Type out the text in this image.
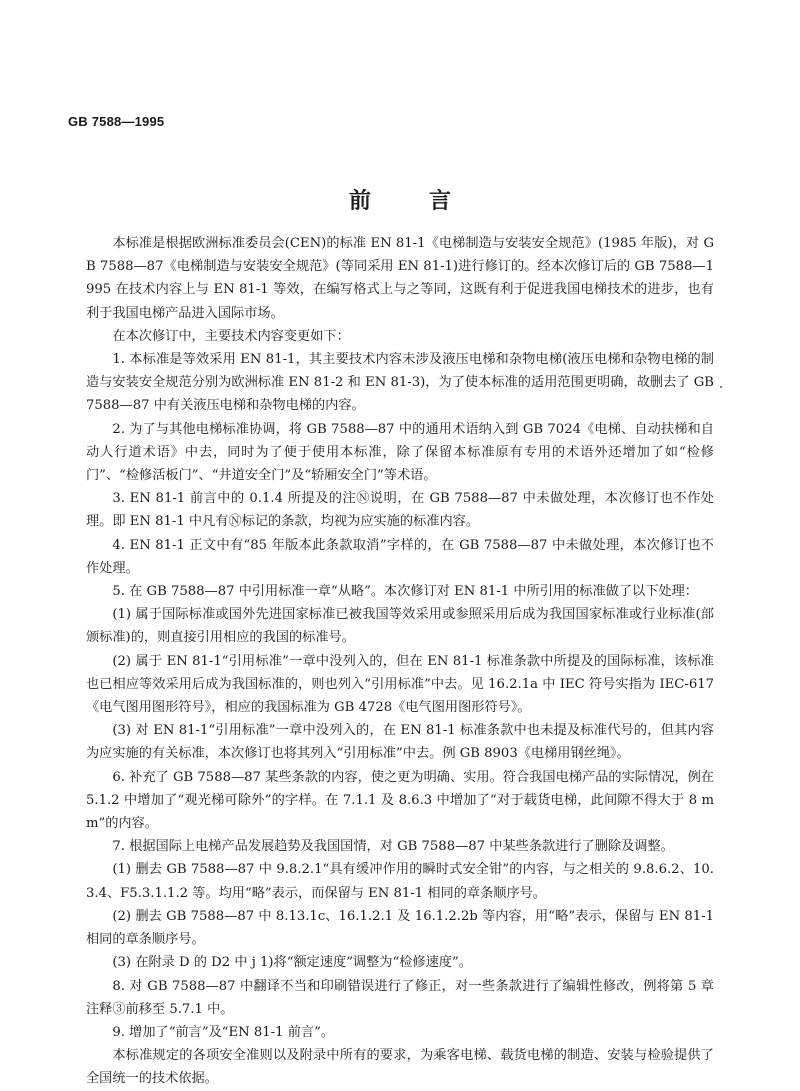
GB 7588—1995
前言

本标准是根据欧洲标准委员会(CEN)的标准 EN 81-1《电梯制造与安装安全规范》(1985 年版)，对 GB 7588—87《电梯制造与安装安全规范》(等同采用 EN 81-1)进行修订的。经本次修订后的 GB 7588—1995 在技术内容上与 EN 81-1 等效，在编写格式上与之等同，这既有利于促进我国电梯技术的进步，也有利于我国电梯产品进入国际市场。

在本次修订中，主要技术内容变更如下：

1. 本标准是等效采用 EN 81-1，其主要技术内容未涉及液压电梯和杂物电梯(液压电梯和杂物电梯的制造与安装安全规范分别为欧洲标准 EN 81-2 和 EN 81-3)，为了使本标准的适用范围更明确，故删去了 GB 7588—87 中有关液压电梯和杂物电梯的内容。

2. 为了与其他电梯标准协调，将 GB 7588—87 中的通用术语纳入到 GB 7024《电梯、自动扶梯和自动人行道术语》中去，同时为了便于使用本标准，除了保留本标准原有专用的术语外还增加了如“检修门”、“检修活板门”、“井道安全门”及“轿厢安全门”等术语。

3. EN 81-1 前言中的 0.1.4 所提及的注Ⓝ说明，在 GB 7588—87 中未做处理，本次修订也不作处理。即 EN 81-1 中凡有Ⓝ标记的条款，均视为应实施的标准内容。

4. EN 81-1 正文中有“85 年版本此条款取消”字样的，在 GB 7588—87 中未做处理，本次修订也不作处理。

5. 在 GB 7588—87 中引用标准一章“从略”。本次修订对 EN 81-1 中所引用的标准做了以下处理：

(1) 属于国际标准或国外先进国家标准已被我国等效采用或参照采用后成为我国国家标准或行业标准(部颁标准)的，则直接引用相应的我国的标准号。

(2) 属于 EN 81-1“引用标准”一章中没列入的，但在 EN 81-1 标准条款中所提及的国际标准，该标准也已相应等效采用后成为我国标准的，则也列入“引用标准”中去。见 16.2.1a 中 IEC 符号实指为 IEC-617《电气图用图形符号》，相应的我国标准为 GB 4728《电气图用图形符号》。

(3) 对 EN 81-1“引用标准”一章中没列入的，在 EN 81-1 标准条款中也未提及标准代号的，但其内容为应实施的有关标准，本次修订也将其列入“引用标准”中去。例 GB 8903《电梯用钢丝绳》。

6. 补充了 GB 7588—87 某些条款的内容，使之更为明确、实用。符合我国电梯产品的实际情况，例在 5.1.2 中增加了“观光梯可除外”的字样。在 7.1.1 及 8.6.3 中增加了“对于载货电梯，此间隙不得大于 8 mm”的内容。

7. 根据国际上电梯产品发展趋势及我国国情，对 GB 7588—87 中某些条款进行了删除及调整。

(1) 删去 GB 7588—87 中 9.8.2.1“具有缓冲作用的瞬时式安全钳”的内容，与之相关的 9.8.6.2、10.3.4、F5.3.1.1.2 等。均用“略”表示，而保留与 EN 81-1 相同的章条顺序号。

(2) 删去 GB 7588—87 中 8.13.1c、16.1.2.1 及 16.1.2.2b 等内容，用“略”表示，保留与 EN 81-1 相同的章条顺序号。

(3) 在附录 D 的 D2 中 j 1)将“额定速度”调整为“检修速度”。

8. 对 GB 7588—87 中翻译不当和印刷错误进行了修正，对一些条款进行了编辑性修改，例将第 5 章注释③前移至 5.7.1 中。

9. 增加了“前言”及“EN 81-1 前言”。

本标准规定的各项安全准则以及附录中所有的要求，为乘客电梯、载货电梯的制造、安装与检验提供了全国统一的技术依据。
